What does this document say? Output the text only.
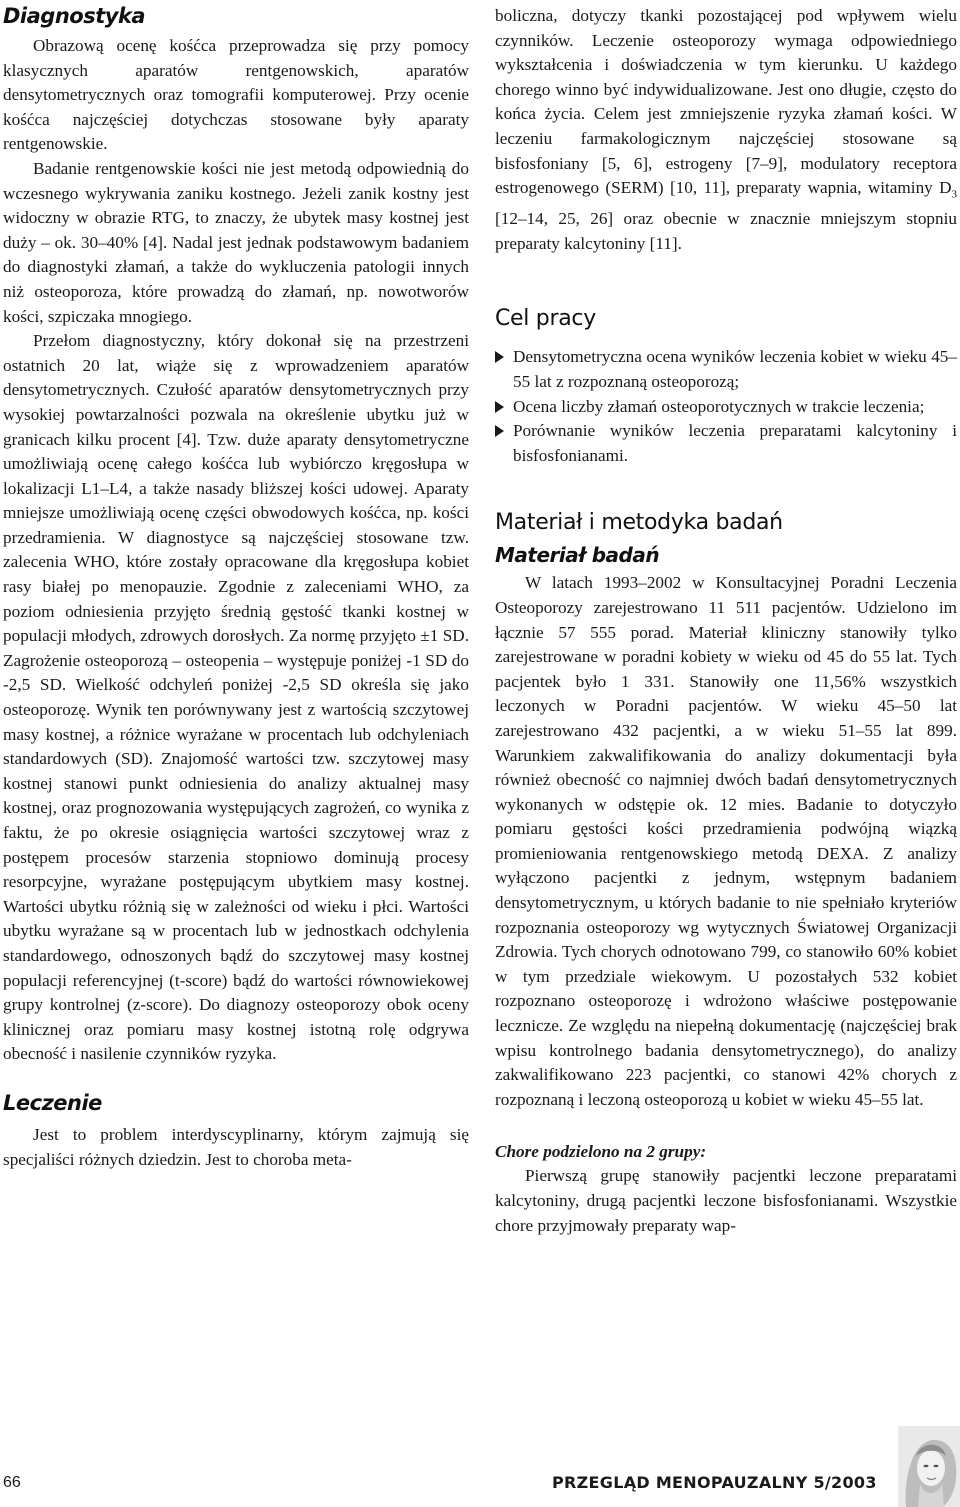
Diagnostyka

Obrazową ocenę kośćca przeprowadza się przy pomocy klasycznych aparatów rentgenowskich, aparatów densytometrycznych oraz tomografii komputerowej. Przy ocenie kośćca najczęściej dotychczas stosowane były aparaty rentgenowskie.

Badanie rentgenowskie kości nie jest metodą odpowiednią do wczesnego wykrywania zaniku kostnego. Jeżeli zanik kostny jest widoczny w obrazie RTG, to znaczy, że ubytek masy kostnej jest duży – ok. 30–40% [4]. Nadal jest jednak podstawowym badaniem do diagnostyki złamań, a także do wykluczenia patologii innych niż osteoporoza, które prowadzą do złamań, np. nowotworów kości, szpiczaka mnogiego.

Przełom diagnostyczny, który dokonał się na przestrzeni ostatnich 20 lat, wiąże się z wprowadzeniem aparatów densytometrycznych. Czułość aparatów densytometrycznych przy wysokiej powtarzalności pozwala na określenie ubytku już w granicach kilku procent [4]. Tzw. duże aparaty densytometryczne umożliwiają ocenę całego kośćca lub wybiórczo kręgosłupa w lokalizacji L1–L4, a także nasady bliższej kości udowej. Aparaty mniejsze umożliwiają ocenę części obwodowych kośćca, np. kości przedramienia. W diagnostyce są najczęściej stosowane tzw. zalecenia WHO, które zostały opracowane dla kręgosłupa kobiet rasy białej po menopauzie. Zgodnie z zaleceniami WHO, za poziom odniesienia przyjęto średnią gęstość tkanki kostnej w populacji młodych, zdrowych dorosłych. Za normę przyjęto ±1 SD. Zagrożenie osteoporozą – osteopenia – występuje poniżej -1 SD do -2,5 SD. Wielkość odchyleń poniżej -2,5 SD określa się jako osteoporozę. Wynik ten porównywany jest z wartością szczytowej masy kostnej, a różnice wyrażane w procentach lub odchyleniach standardowych (SD). Znajomość wartości tzw. szczytowej masy kostnej stanowi punkt odniesienia do analizy aktualnej masy kostnej, oraz prognozowania występujących zagrożeń, co wynika z faktu, że po okresie osiągnięcia wartości szczytowej wraz z postępem procesów starzenia stopniowo dominują procesy resorpcyjne, wyrażane postępującym ubytkiem masy kostnej. Wartości ubytku różnią się w zależności od wieku i płci. Wartości ubytku wyrażane są w procentach lub w jednostkach odchylenia standardowego, odnoszonych bądź do szczytowej masy kostnej populacji referencyjnej (t-score) bądź do wartości równowiekowej grupy kontrolnej (z-score). Do diagnozy osteoporozy obok oceny klinicznej oraz pomiaru masy kostnej istotną rolę odgrywa obecność i nasilenie czynników ryzyka.

Leczenie

Jest to problem interdyscyplinarny, którym zajmują się specjaliści różnych dziedzin. Jest to choroba meta-

boliczna, dotyczy tkanki pozostającej pod wpływem wielu czynników. Leczenie osteoporozy wymaga odpowiedniego wykształcenia i doświadczenia w tym kierunku. U każdego chorego winno być indywidualizowane. Jest ono długie, często do końca życia. Celem jest zmniejszenie ryzyka złamań kości. W leczeniu farmakologicznym najczęściej stosowane są bisfosfoniany [5, 6], estrogeny [7–9], modulatory receptora estrogenowego (SERM) [10, 11], preparaty wapnia, witaminy $D_3$ [12–14, 25, 26] oraz obecnie w znacznie mniejszym stopniu preparaty kalcytoniny [11].

Cel pracy
Densytometryczna ocena wyników leczenia kobiet w wieku 45–55 lat z rozpoznaną osteoporozą;
Ocena liczby złamań osteoporotycznych w trakcie leczenia;
Porównanie wyników leczenia preparatami kalcytoniny i bisfosfonianami.
Materiał i metodyka badań
Materiał badań

W latach 1993–2002 w Konsultacyjnej Poradni Leczenia Osteoporozy zarejestrowano 11 511 pacjentów. Udzielono im łącznie 57 555 porad. Materiał kliniczny stanowiły tylko zarejestrowane w poradni kobiety w wieku od 45 do 55 lat. Tych pacjentek było 1 331. Stanowiły one 11,56% wszystkich leczonych w Poradni pacjentów. W wieku 45–50 lat zarejestrowano 432 pacjentki, a w wieku 51–55 lat 899. Warunkiem zakwalifikowania do analizy dokumentacji była również obecność co najmniej dwóch badań densytometrycznych wykonanych w odstępie ok. 12 mies. Badanie to dotyczyło pomiaru gęstości kości przedramienia podwójną wiązką promieniowania rentgenowskiego metodą DEXA. Z analizy wyłączono pacjentki z jednym, wstępnym badaniem densytometrycznym, u których badanie to nie spełniało kryteriów rozpoznania osteoporozy wg wytycznych Światowej Organizacji Zdrowia. Tych chorych odnotowano 799, co stanowiło 60% kobiet w tym przedziale wiekowym. U pozostałych 532 kobiet rozpoznano osteoporozę i wdrożono właściwe postępowanie lecznicze. Ze względu na niepełną dokumentację (najczęściej brak wpisu kontrolnego badania densytometrycznego), do analizy zakwalifikowano 223 pacjentki, co stanowi 42% chorych z rozpoznaną i leczoną osteoporozą u kobiet w wieku 45–55 lat.

Chore podzielono na 2 grupy:

Pierwszą grupę stanowiły pacjentki leczone preparatami kalcytoniny, drugą pacjentki leczone bisfosfonianami. Wszystkie chore przyjmowały preparaty wap-

66	PRZEGLĄD MENOPAUZALNY 5/2003
